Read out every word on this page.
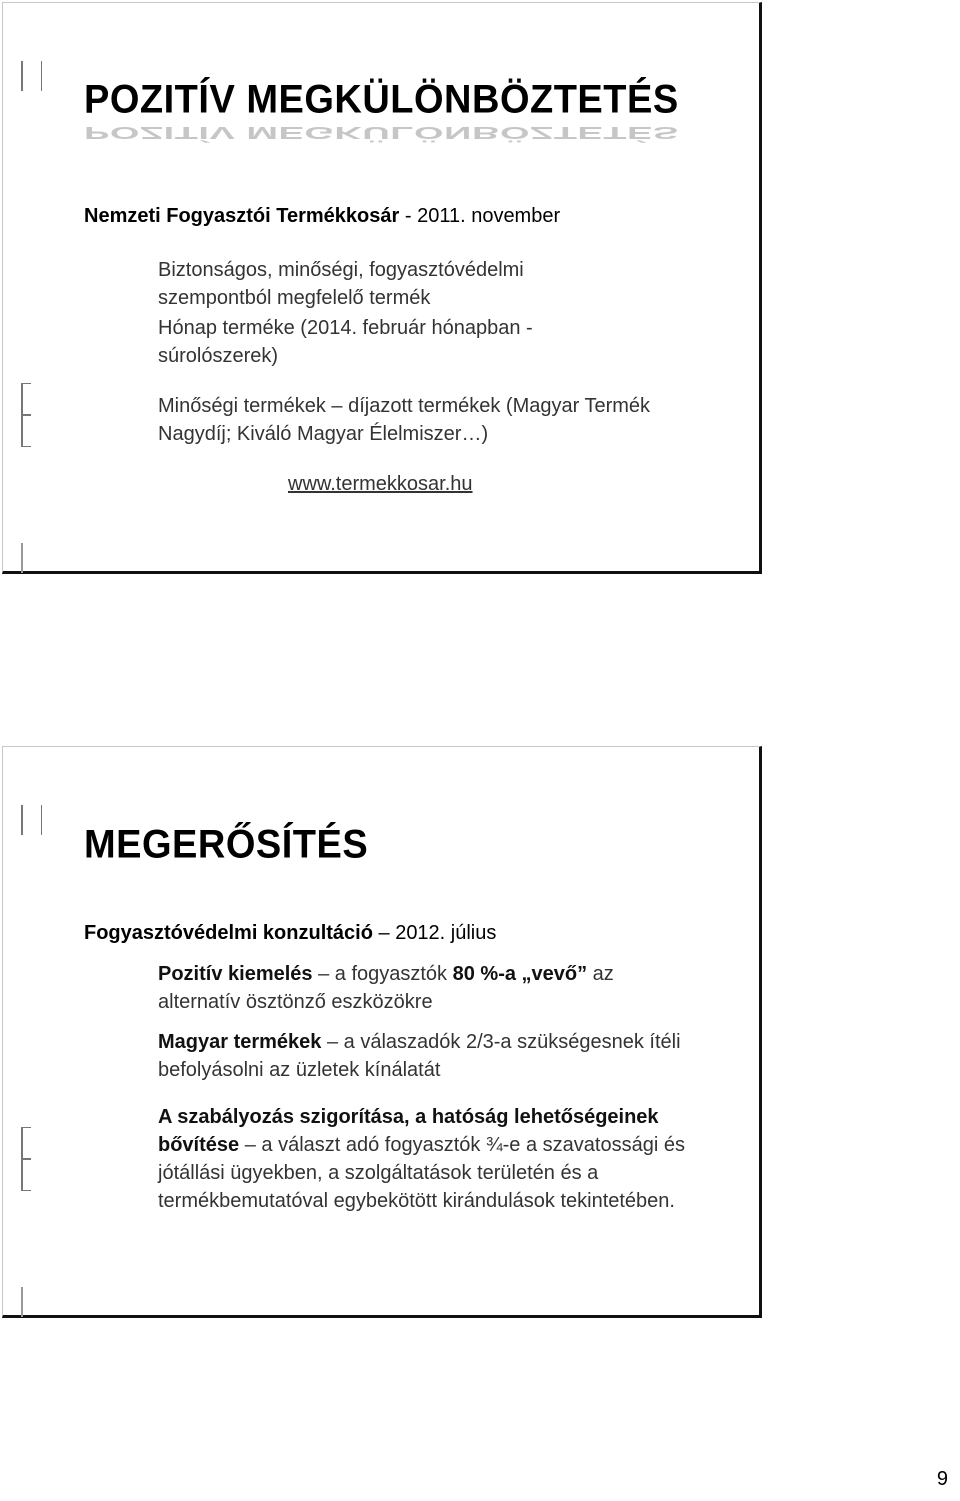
POZITÍV MEGKÜLÖNBÖZTETÉS
POZITÍV MEGKÜLÖNBÖZTETÉS
Nemzeti Fogyasztói Termékkosár - 2011. november
Biztonságos, minőségi, fogyasztóvédelmi szempontból megfelelő termék
Hónap terméke (2014. február hónapban - súrolószerek)
Minőségi termékek – díjazott termékek (Magyar Termék Nagydíj; Kiváló Magyar Élelmiszer…)
www.termekkosar.hu
MEGERŐSÍTÉS
Fogyasztóvédelmi konzultáció – 2012. július
Pozitív kiemelés – a fogyasztók 80 %-a „vevő” az alternatív ösztönző eszközökre
Magyar termékek – a válaszadók 2/3-a szükségesnek ítéli befolyásolni az üzletek kínálatát
A szabályozás szigorítása, a hatóság lehetőségeinek bővítése – a választ adó fogyasztók ¾-e a szavatossági és jótállási ügyekben, a szolgáltatások területén és a termékbemutatóval egybekötött kirándulások tekintetében.
9
